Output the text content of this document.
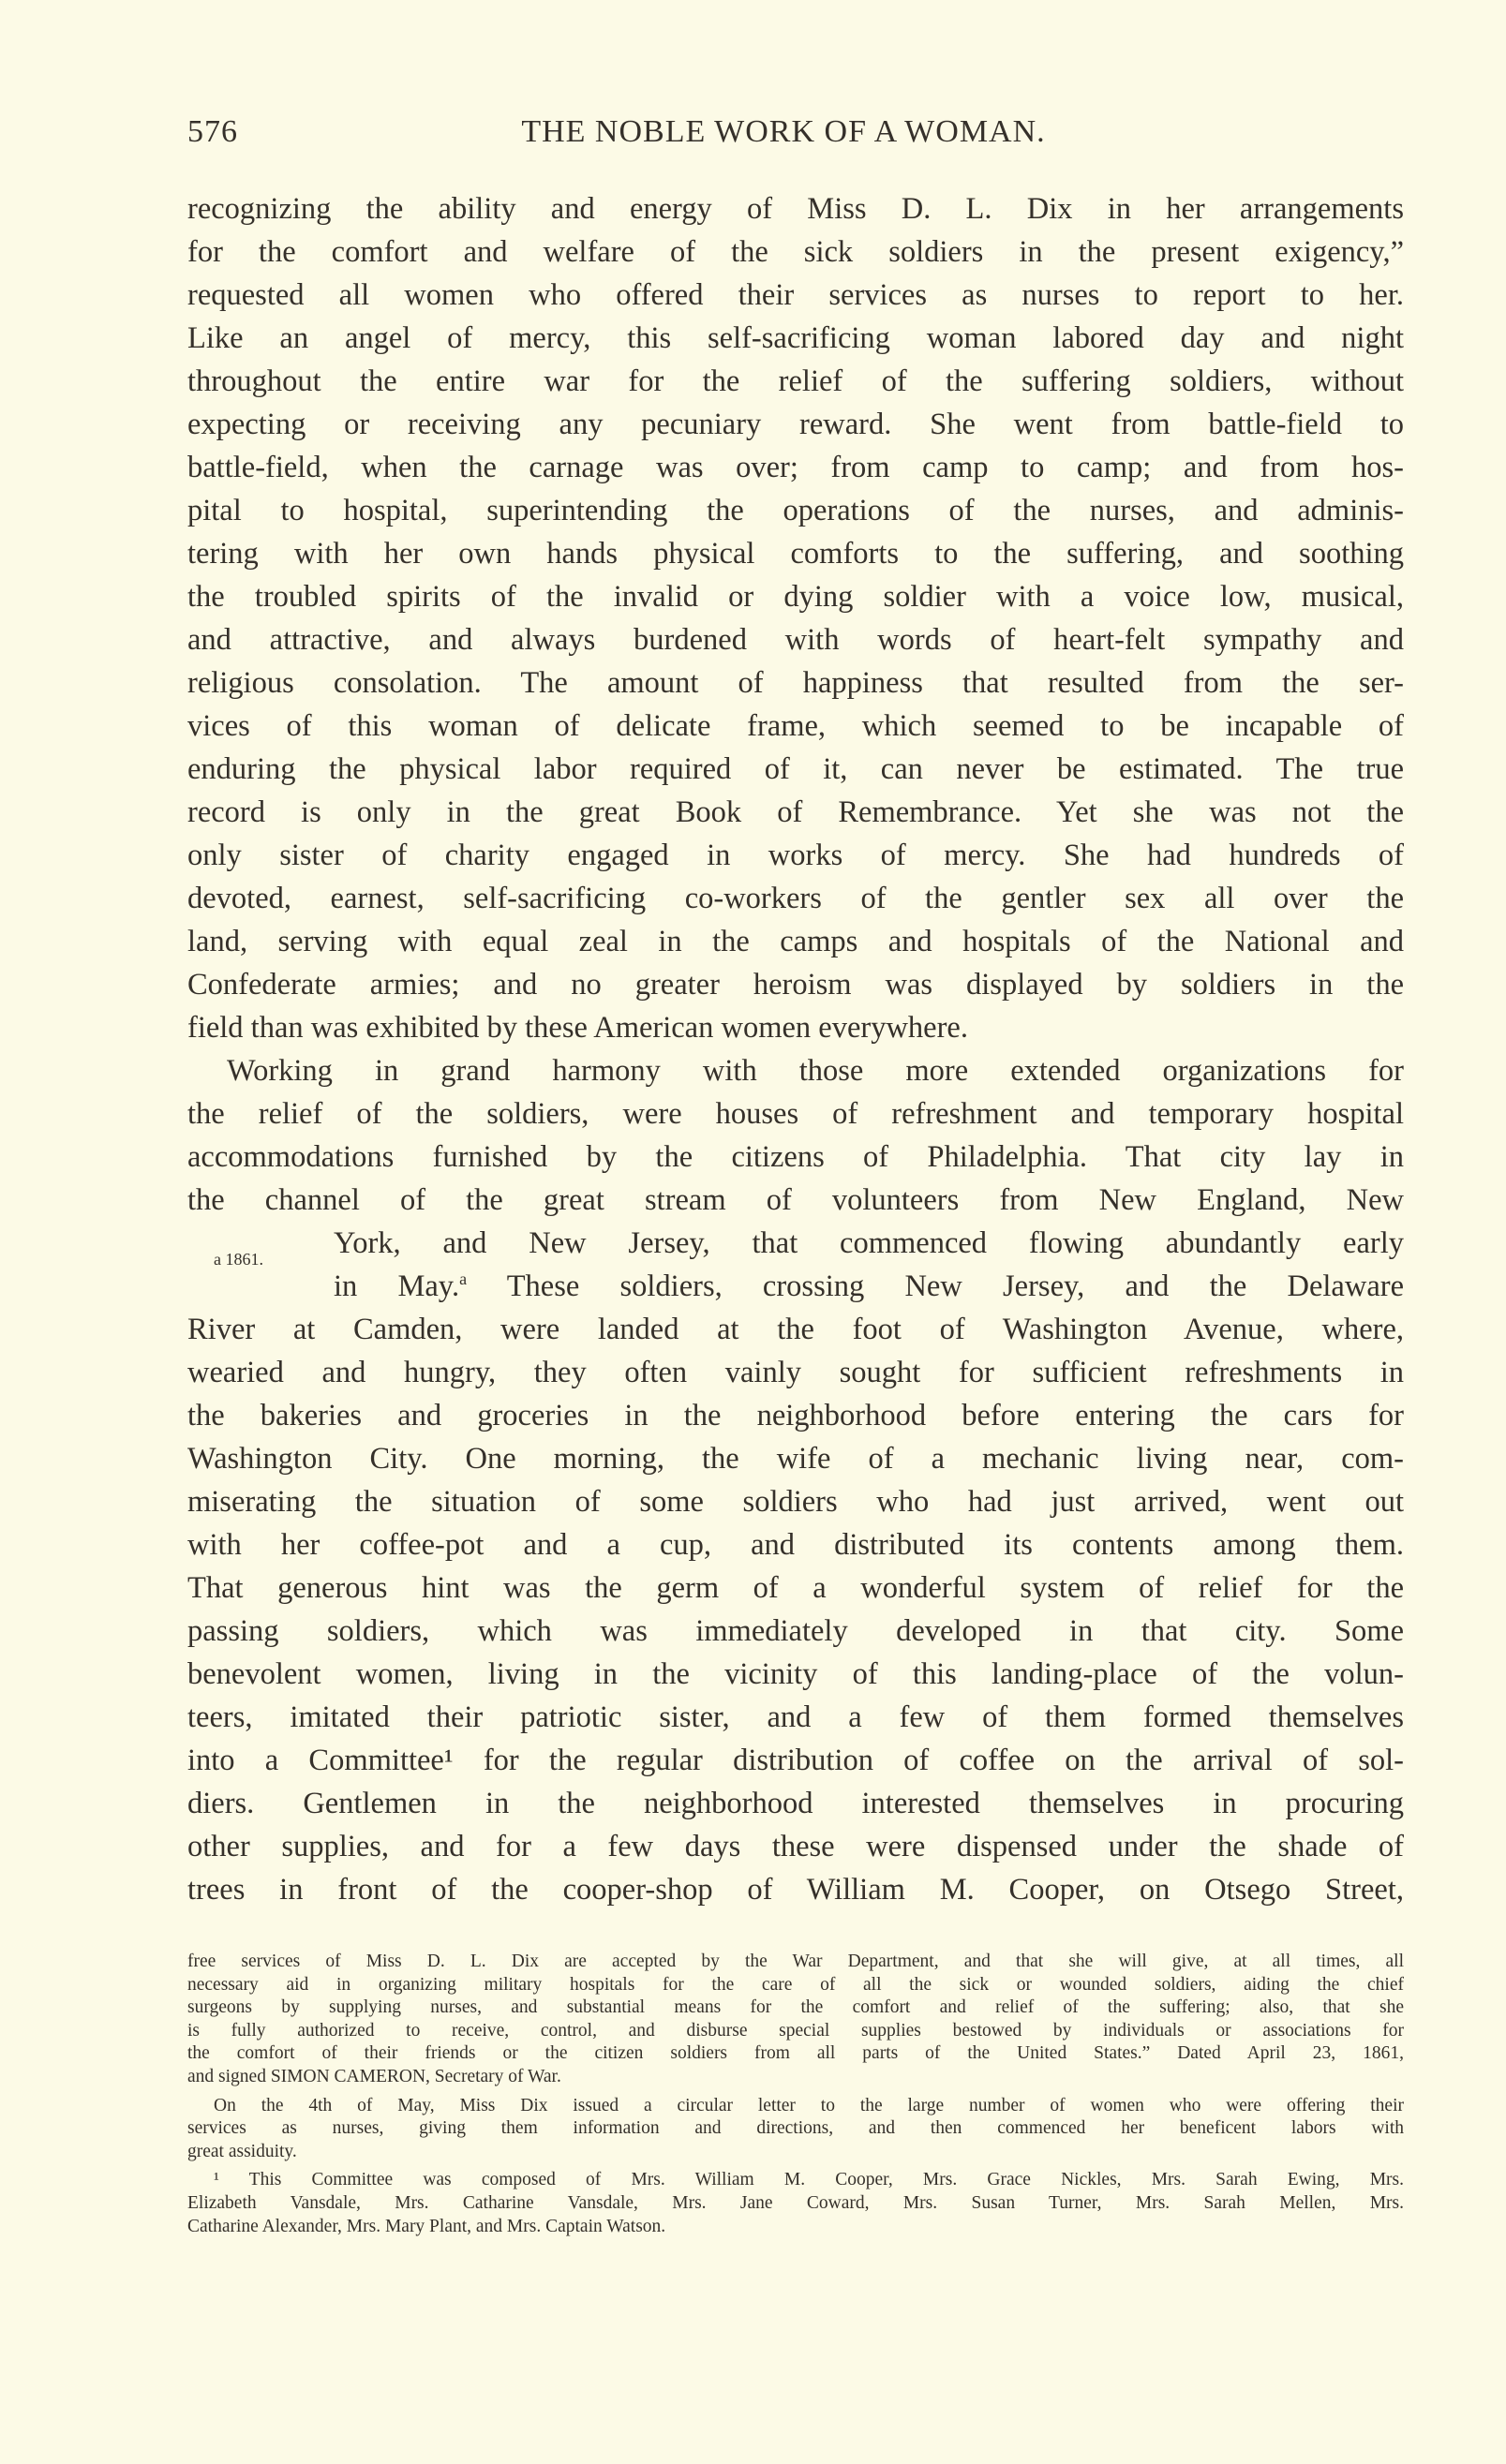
576	THE NOBLE WORK OF A WOMAN.
a 1861.
recognizing the ability and energy of Miss D. L. Dix in her arrangements
for the comfort and welfare of the sick soldiers in the present exigency,”
requested all women who offered their services as nurses to report to her.
Like an angel of mercy, this self-sacrificing woman labored day and night
throughout the entire war for the relief of the suffering soldiers, without
expecting or receiving any pecuniary reward. She went from battle-field to
battle-field, when the carnage was over; from camp to camp; and from hos-
pital to hospital, superintending the operations of the nurses, and adminis-
tering with her own hands physical comforts to the suffering, and soothing
the troubled spirits of the invalid or dying soldier with a voice low, musical,
and attractive, and always burdened with words of heart-felt sympathy and
religious consolation. The amount of happiness that resulted from the ser-
vices of this woman of delicate frame, which seemed to be incapable of
enduring the physical labor required of it, can never be estimated. The true
record is only in the great Book of Remembrance. Yet she was not the
only sister of charity engaged in works of mercy. She had hundreds of
devoted, earnest, self-sacrificing co-workers of the gentler sex all over the
land, serving with equal zeal in the camps and hospitals of the National and
Confederate armies; and no greater heroism was displayed by soldiers in the
field than was exhibited by these American women everywhere.
Working in grand harmony with those more extended organizations for
the relief of the soldiers, were houses of refreshment and temporary hospital
accommodations furnished by the citizens of Philadelphia. That city lay in
the channel of the great stream of volunteers from New England, New
York, and New Jersey, that commenced flowing abundantly early
in May.$^a$ These soldiers, crossing New Jersey, and the Delaware
River at Camden, were landed at the foot of Washington Avenue, where,
wearied and hungry, they often vainly sought for sufficient refreshments in
the bakeries and groceries in the neighborhood before entering the cars for
Washington City. One morning, the wife of a mechanic living near, com-
miserating the situation of some soldiers who had just arrived, went out
with her coffee-pot and a cup, and distributed its contents among them.
That generous hint was the germ of a wonderful system of relief for the
passing soldiers, which was immediately developed in that city. Some
benevolent women, living in the vicinity of this landing-place of the volun-
teers, imitated their patriotic sister, and a few of them formed themselves
into a Committee¹ for the regular distribution of coffee on the arrival of sol-
diers. Gentlemen in the neighborhood interested themselves in procuring
other supplies, and for a few days these were dispensed under the shade of
trees in front of the cooper-shop of William M. Cooper, on Otsego Street,
free services of Miss D. L. Dix are accepted by the War Department, and that she will give, at all times, all
necessary aid in organizing military hospitals for the care of all the sick or wounded soldiers, aiding the chief
surgeons by supplying nurses, and substantial means for the comfort and relief of the suffering; also, that she
is fully authorized to receive, control, and disburse special supplies bestowed by individuals or associations for
the comfort of their friends or the citizen soldiers from all parts of the United States.” Dated April 23, 1861,
and signed SIMON CAMERON, Secretary of War.
On the 4th of May, Miss Dix issued a circular letter to the large number of women who were offering their
services as nurses, giving them information and directions, and then commenced her beneficent labors with
great assiduity.
¹ This Committee was composed of Mrs. William M. Cooper, Mrs. Grace Nickles, Mrs. Sarah Ewing, Mrs.
Elizabeth Vansdale, Mrs. Catharine Vansdale, Mrs. Jane Coward, Mrs. Susan Turner, Mrs. Sarah Mellen, Mrs.
Catharine Alexander, Mrs. Mary Plant, and Mrs. Captain Watson.
